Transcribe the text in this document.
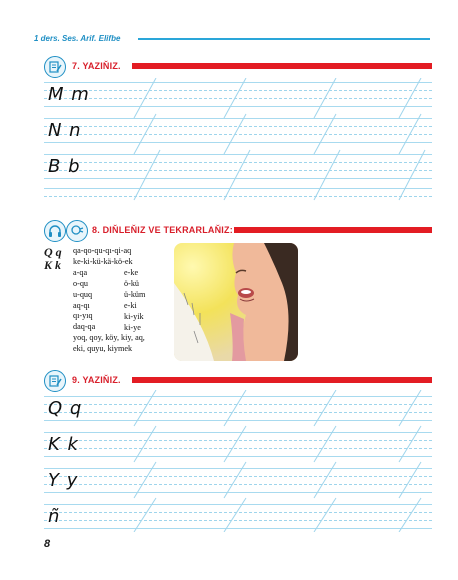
1 ders. Ses. Arif. Elifbe
7. YAZIŇIZ.
M m
N n
B b
8. DIŇLEŇIZ VE TEKRARLAŇIZ:
Q q
K k
qa-qo-qu-qı-qi-aq
ke-ki-kü-kä-kö-ek
a-qa
o-qu
u-quq
aq-qı
qı-yıq
daq-qa
yoq, qoy, köy, kiy, aq,
eki, quyu, kiymek
e-ke
ö-kü
ü-küm
e-ki
ki-yik
ki-ye
9. YAZIŇIZ.
Q q
K k
Y y
ñ
8
